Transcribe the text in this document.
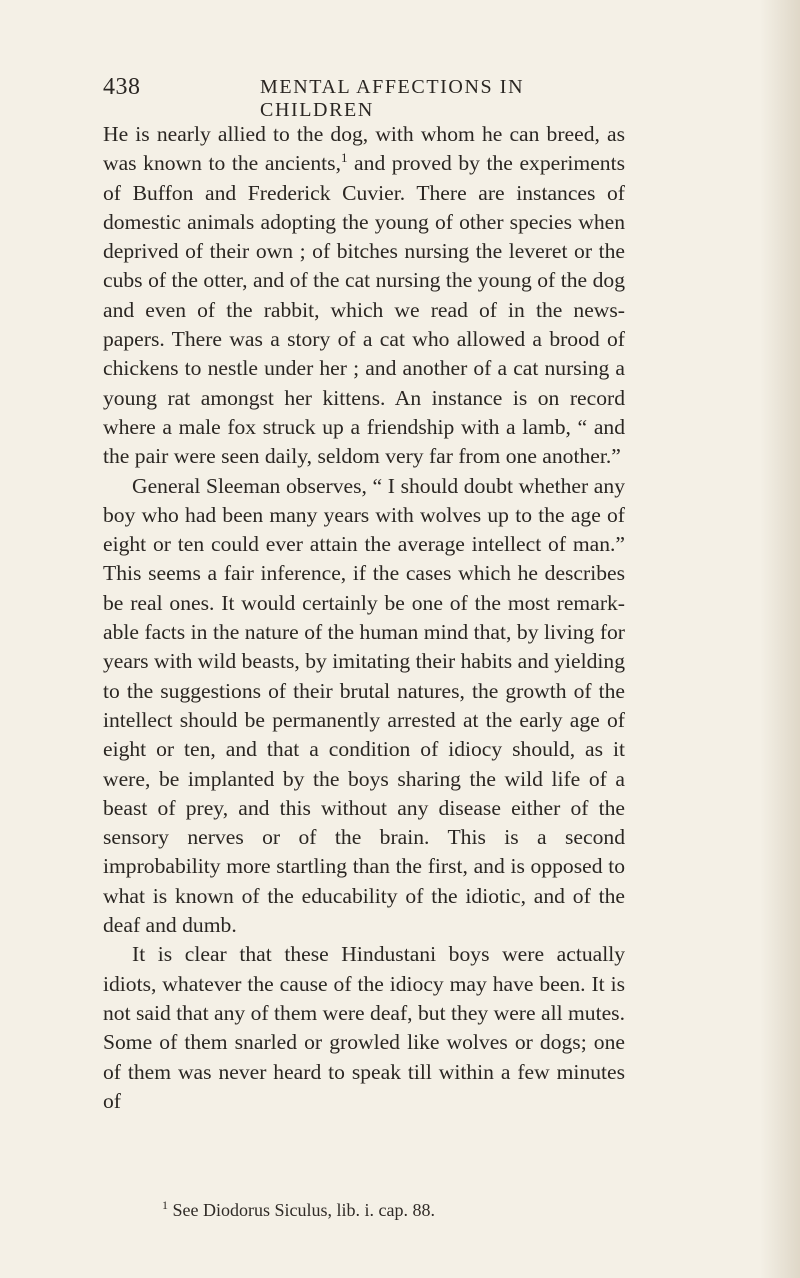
438	MENTAL AFFECTIONS IN CHILDREN

He is nearly allied to the dog, with whom he can breed, as was known to the ancients,$^1$ and proved by the experiments of Buffon and Frederick Cuvier. There are instances of domestic animals adopting the young of other species when deprived of their own ; of bitches nursing the leveret or the cubs of the otter, and of the cat nursing the young of the dog and even of the rabbit, which we read of in the news- papers. There was a story of a cat who allowed a brood of chickens to nestle under her ; and another of a cat nursing a young rat amongst her kittens. An instance is on record where a male fox struck up a friendship with a lamb, “ and the pair were seen daily, seldom very far from one another.”

General Sleeman observes, “ I should doubt whether any boy who had been many years with wolves up to the age of eight or ten could ever attain the average intellect of man.” This seems a fair inference, if the cases which he describes be real ones. It would certainly be one of the most remark- able facts in the nature of the human mind that, by living for years with wild beasts, by imitating their habits and yielding to the suggestions of their brutal natures, the growth of the intellect should be permanently arrested at the early age of eight or ten, and that a condition of idiocy should, as it were, be implanted by the boys sharing the wild life of a beast of prey, and this without any disease either of the sensory nerves or of the brain. This is a second improbability more startling than the first, and is opposed to what is known of the educability of the idiotic, and of the deaf and dumb.

It is clear that these Hindustani boys were actually idiots, whatever the cause of the idiocy may have been. It is not said that any of them were deaf, but they were all mutes. Some of them snarled or growled like wolves or dogs; one of them was never heard to speak till within a few minutes of

$^1$ See Diodorus Siculus, lib. i. cap. 88.
